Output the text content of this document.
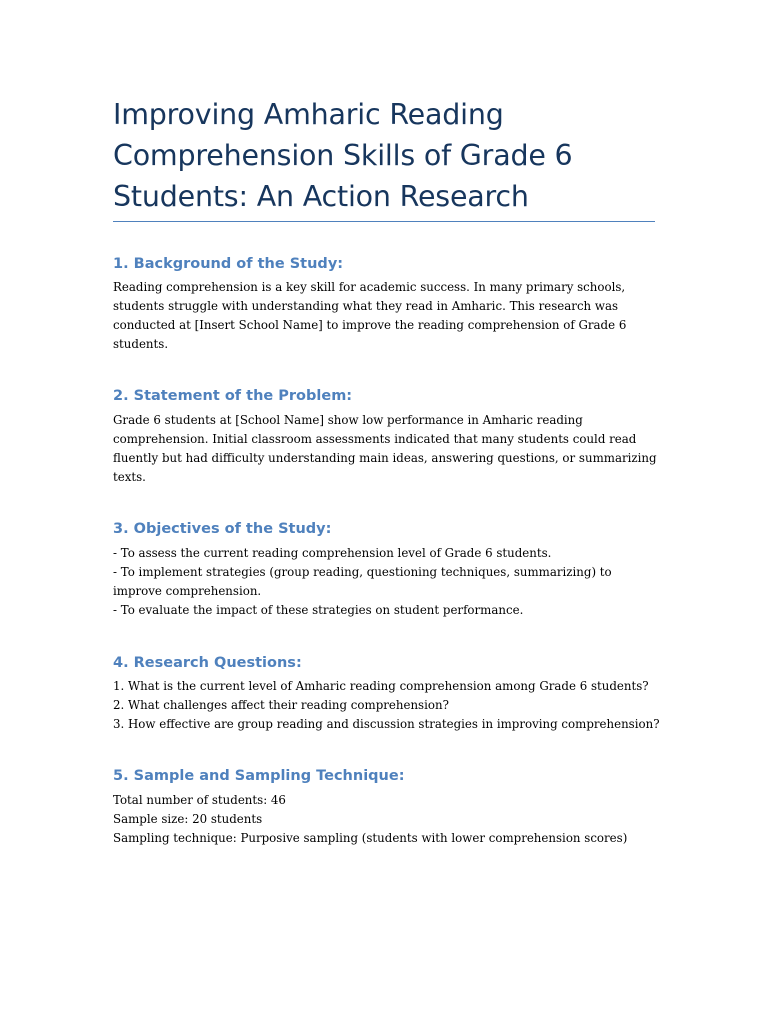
Improving Amharic Reading
Comprehension Skills of Grade 6
Students: An Action Research
1. Background of the Study:

Reading comprehension is a key skill for academic success. In many primary schools,

students struggle with understanding what they read in Amharic. This research was

conducted at [Insert School Name] to improve the reading comprehension of Grade 6

students.

2. Statement of the Problem:

Grade 6 students at [School Name] show low performance in Amharic reading

comprehension. Initial classroom assessments indicated that many students could read

fluently but had difficulty understanding main ideas, answering questions, or summarizing

texts.

3. Objectives of the Study:

- To assess the current reading comprehension level of Grade 6 students.

- To implement strategies (group reading, questioning techniques, summarizing) to

improve comprehension.

- To evaluate the impact of these strategies on student performance.

4. Research Questions:

1. What is the current level of Amharic reading comprehension among Grade 6 students?

2. What challenges affect their reading comprehension?

3. How effective are group reading and discussion strategies in improving comprehension?

5. Sample and Sampling Technique:

Total number of students: 46

Sample size: 20 students

Sampling technique: Purposive sampling (students with lower comprehension scores)
